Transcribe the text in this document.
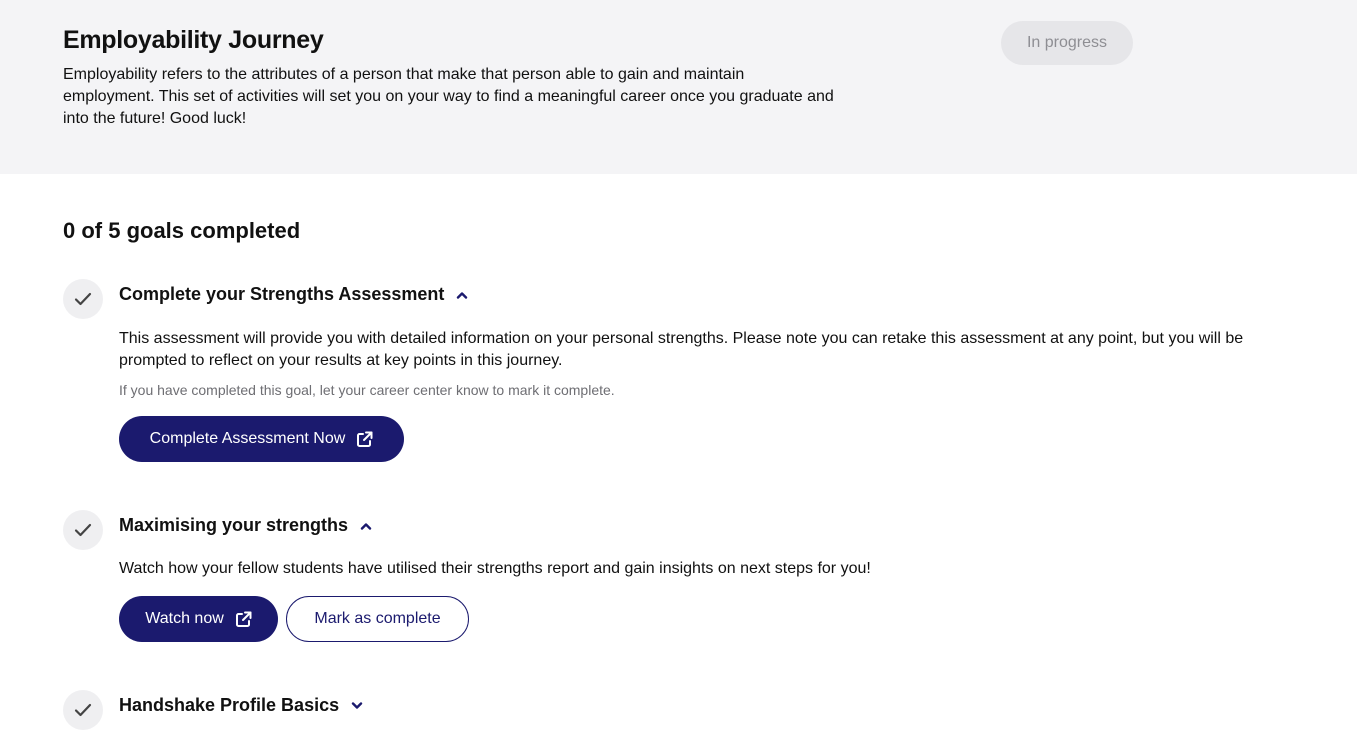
Employability Journey

Employability refers to the attributes of a person that make that person able to gain and maintain employment. This set of activities will set you on your way to find a meaningful career once you graduate and into the future! Good luck!

In progress
0 of 5 goals completed
Complete your Strengths Assessment

This assessment will provide you with detailed information on your personal strengths. Please note you can retake this assessment at any point, but you will be prompted to reflect on your results at key points in this journey.

If you have completed this goal, let your career center know to mark it complete.

Complete Assessment Now
Maximising your strengths

Watch how your fellow students have utilised their strengths report and gain insights on next steps for you!

Watch now	Mark as complete
Handshake Profile Basics
